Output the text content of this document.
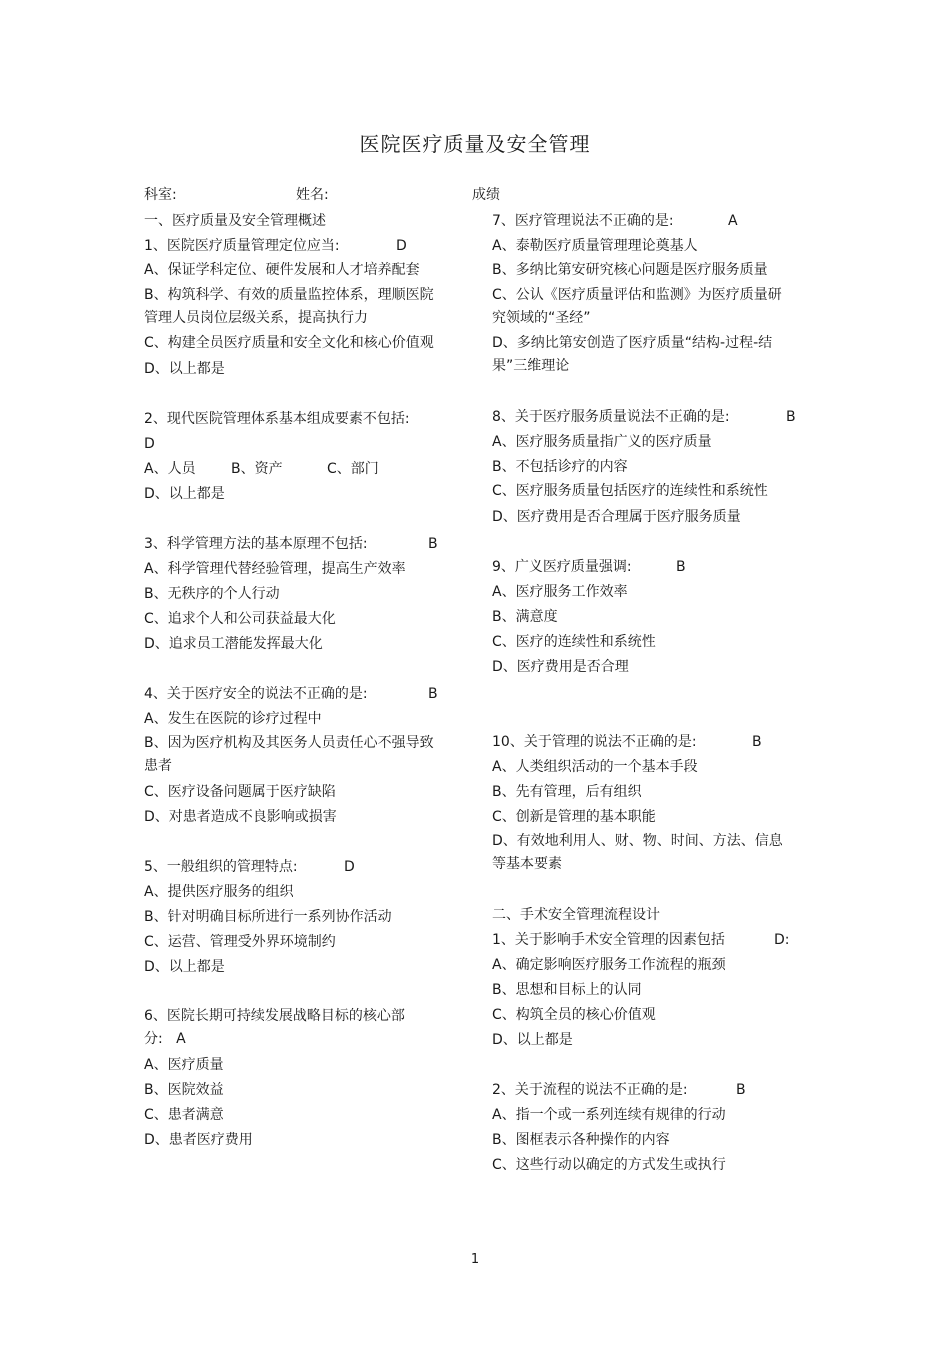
医院医疗质量及安全管理
科室:	姓名:	成绩
一、医疗质量及安全管理概述
1、医院医疗质量管理定位应当:	D
A、保证学科定位、硬件发展和人才培养配套
B、构筑科学、有效的质量监控体系，理顺医院管理人员岗位层级关系，提高执行力
C、构建全员医疗质量和安全文化和核心价值观
D、以上都是
2、现代医院管理体系基本组成要素不包括:
D
A、人员	B、资产	C、部门
D、以上都是
3、科学管理方法的基本原理不包括:	B
A、科学管理代替经验管理，提高生产效率
B、无秩序的个人行动
C、追求个人和公司获益最大化
D、追求员工潜能发挥最大化
4、关于医疗安全的说法不正确的是:	B
A、发生在医院的诊疗过程中
B、因为医疗机构及其医务人员责任心不强导致患者
C、医疗设备问题属于医疗缺陷
D、对患者造成不良影响或损害
5、一般组织的管理特点:	D
A、提供医疗服务的组织
B、针对明确目标所进行一系列协作活动
C、运营、管理受外界环境制约
D、以上都是
6、医院长期可持续发展战略目标的核心部分: A
A、医疗质量
B、医院效益
C、患者满意
D、患者医疗费用
7、医疗管理说法不正确的是:	A
A、泰勒医疗质量管理理论奠基人
B、多纳比第安研究核心问题是医疗服务质量
C、公认《医疗质量评估和监测》为医疗质量研究领域的“圣经”
D、多纳比第安创造了医疗质量“结构-过程-结果”三维理论
8、关于医疗服务质量说法不正确的是:	B
A、医疗服务质量指广义的医疗质量
B、不包括诊疗的内容
C、医疗服务质量包括医疗的连续性和系统性
D、医疗费用是否合理属于医疗服务质量
9、广义医疗质量强调:	B
A、医疗服务工作效率
B、满意度
C、医疗的连续性和系统性
D、医疗费用是否合理
10、关于管理的说法不正确的是:	B
A、人类组织活动的一个基本手段
B、先有管理，后有组织
C、创新是管理的基本职能
D、有效地利用人、财、物、时间、方法、信息等基本要素
二、手术安全管理流程设计
1、关于影响手术安全管理的因素包括	D:
A、确定影响医疗服务工作流程的瓶颈
B、思想和目标上的认同
C、构筑全员的核心价值观
D、以上都是
2、关于流程的说法不正确的是:	B
A、指一个或一系列连续有规律的行动
B、图框表示各种操作的内容
C、这些行动以确定的方式发生或执行
1
